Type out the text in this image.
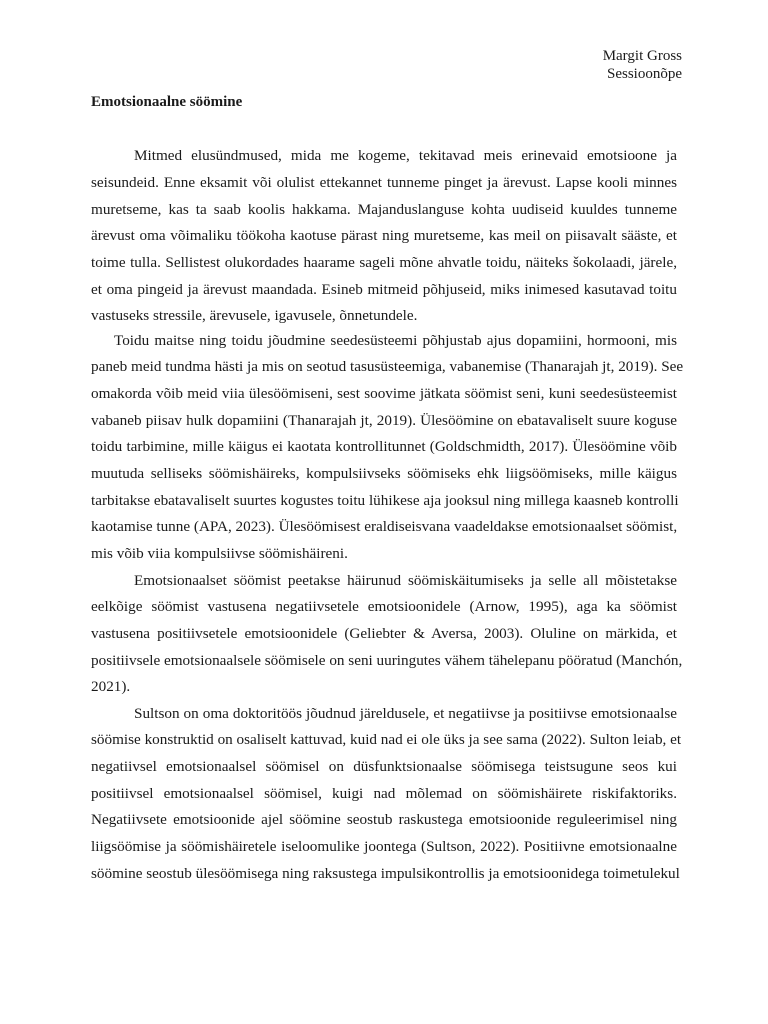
Margit Gross
Sessioonõpe
Emotsionaalne söömine
Mitmed elusündmused, mida me kogeme, tekitavad meis erinevaid emotsioone ja
seisundeid. Enne eksamit või olulist ettekannet tunneme pinget ja ärevust. Lapse kooli minnes
muretseme, kas ta saab koolis hakkama. Majanduslanguse kohta uudiseid kuuldes tunneme
ärevust oma võimaliku töökoha kaotuse pärast ning muretseme, kas meil on piisavalt sääste, et
toime tulla. Sellistest olukordades haarame sageli mõne ahvatle toidu, näiteks šokolaadi, järele,
et oma pingeid ja ärevust maandada. Esineb mitmeid põhjuseid, miks inimesed kasutavad toitu
vastuseks stressile, ärevusele, igavusele, õnnetundele.
Toidu maitse ning toidu jõudmine seedesüsteemi põhjustab ajus dopamiini, hormooni, mis
paneb meid tundma hästi ja mis on seotud tasusüsteemiga, vabanemise (Thanarajah jt, 2019). See
omakorda võib meid viia ülesöömiseni, sest soovime jätkata söömist seni, kuni seedesüsteemist
vabaneb piisav hulk dopamiini (Thanarajah jt, 2019). Ülesöömine on ebatavaliselt suure koguse
toidu tarbimine, mille käigus ei kaotata kontrollitunnet (Goldschmidth, 2017). Ülesöömine võib
muutuda selliseks söömishäireks, kompulsiivseks söömiseks ehk liigsöömiseks, mille käigus
tarbitakse ebatavaliselt suurtes kogustes toitu lühikese aja jooksul ning millega kaasneb kontrolli
kaotamise tunne (APA, 2023). Ülesöömisest eraldiseisvana vaadeldakse emotsionaalset söömist,
mis võib viia kompulsiivse söömishäireni.
Emotsionaalset söömist peetakse häirunud söömiskäitumiseks ja selle all mõistetakse
eelkõige söömist vastusena negatiivsetele emotsioonidele (Arnow, 1995), aga ka söömist
vastusena positiivsetele emotsioonidele (Geliebter & Aversa, 2003). Oluline on märkida, et
positiivsele emotsionaalsele söömisele on seni uuringutes vähem tähelepanu pööratud (Manchón,
2021).
Sultson on oma doktoritöös jõudnud järeldusele, et negatiivse ja positiivse emotsionaalse
söömise konstruktid on osaliselt kattuvad, kuid nad ei ole üks ja see sama (2022). Sulton leiab, et
negatiivsel emotsionaalsel söömisel on düsfunktsionaalse söömisega teistsugune seos kui
positiivsel emotsionaalsel söömisel, kuigi nad mõlemad on söömishäirete riskifaktoriks.
Negatiivsete emotsioonide ajel söömine seostub raskustega emotsioonide reguleerimisel ning
liigsöömise ja söömishäiretele iseloomulike joontega (Sultson, 2022). Positiivne emotsionaalne
söömine seostub ülesöömisega ning raksustega impulsikontrollis ja emotsioonidega toimetulekul
